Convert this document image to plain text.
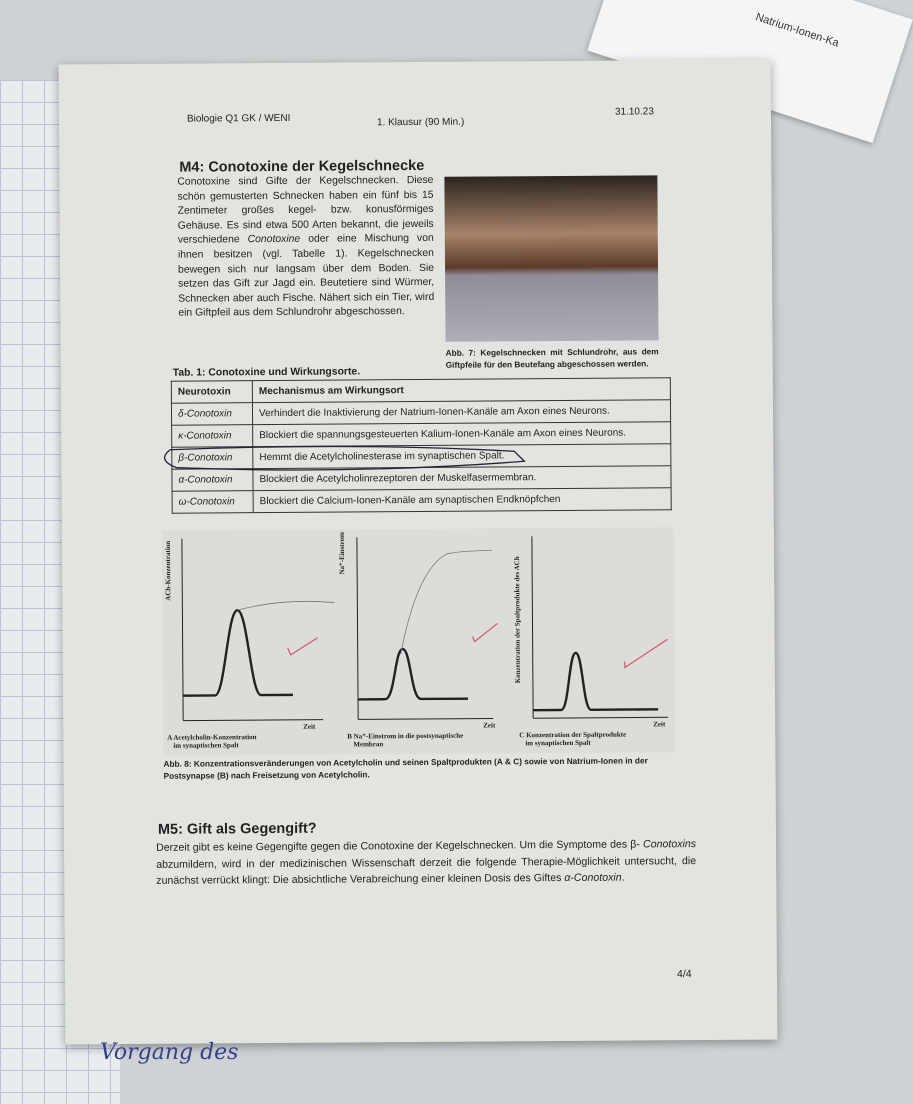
Natrium-Ionen-Ka
Biologie Q1 GK / WENI	1. Klausur (90 Min.)
31.10.23
M4: Conotoxine der Kegelschnecke
Conotoxine sind Gifte der Kegelschnecken. Diese schön gemusterten Schnecken haben ein fünf bis 15 Zentimeter großes kegel- bzw. konusförmiges Gehäuse. Es sind etwa 500 Arten bekannt, die jeweils verschiedene Conotoxine oder eine Mischung von ihnen besitzen (vgl. Tabelle 1). Kegelschnecken bewegen sich nur langsam über dem Boden. Sie setzen das Gift zur Jagd ein. Beutetiere sind Würmer, Schnecken aber auch Fische. Nähert sich ein Tier, wird ein Giftpfeil aus dem Schlundrohr abgeschossen.
Abb. 7: Kegelschnecken mit Schlundrohr, aus dem Giftpfeile für den Beutefang abgeschossen werden.
Tab. 1: Conotoxine und Wirkungsorte.
Neurotoxin	Mechanismus am Wirkungsort
δ-Conotoxin	Verhindert die Inaktivierung der Natrium-Ionen-Kanäle am Axon eines Neurons.
κ-Conotoxin	Blockiert die spannungsgesteuerten Kalium-Ionen-Kanäle am Axon eines Neurons.
β-Conotoxin	Hemmt die Acetylcholinesterase im synaptischen Spalt.
α-Conotoxin	Blockiert die Acetylcholinrezeptoren der Muskelfasermembran.
ω-Conotoxin	Blockiert die Calcium-Ionen-Kanäle am synaptischen Endknöpfchen
ACh-Konzentration	Na⁺-Einstrom
Konzentration der Spaltprodukte des ACh
Zeit	Zeit	Zeit
A Acetylcholin-Konzentration
im synaptischen Spalt
B Na⁺-Einstrom in die postsynaptische
Membran
C Konzentration der Spaltprodukte
im synaptischen Spalt
Abb. 8: Konzentrationsveränderungen von Acetylcholin und seinen Spaltprodukten (A & C) sowie von Natrium-Ionen in der Postsynapse (B) nach Freisetzung von Acetylcholin.
M5: Gift als Gegengift?
Derzeit gibt es keine Gegengifte gegen die Conotoxine der Kegelschnecken. Um die Symptome des β- Conotoxins abzumildern, wird in der medizinischen Wissenschaft derzeit die folgende Therapie-Möglichkeit untersucht, die zunächst verrückt klingt: Die absichtliche Verabreichung einer kleinen Dosis des Giftes α-Conotoxin.
4/4
Vorgang des
